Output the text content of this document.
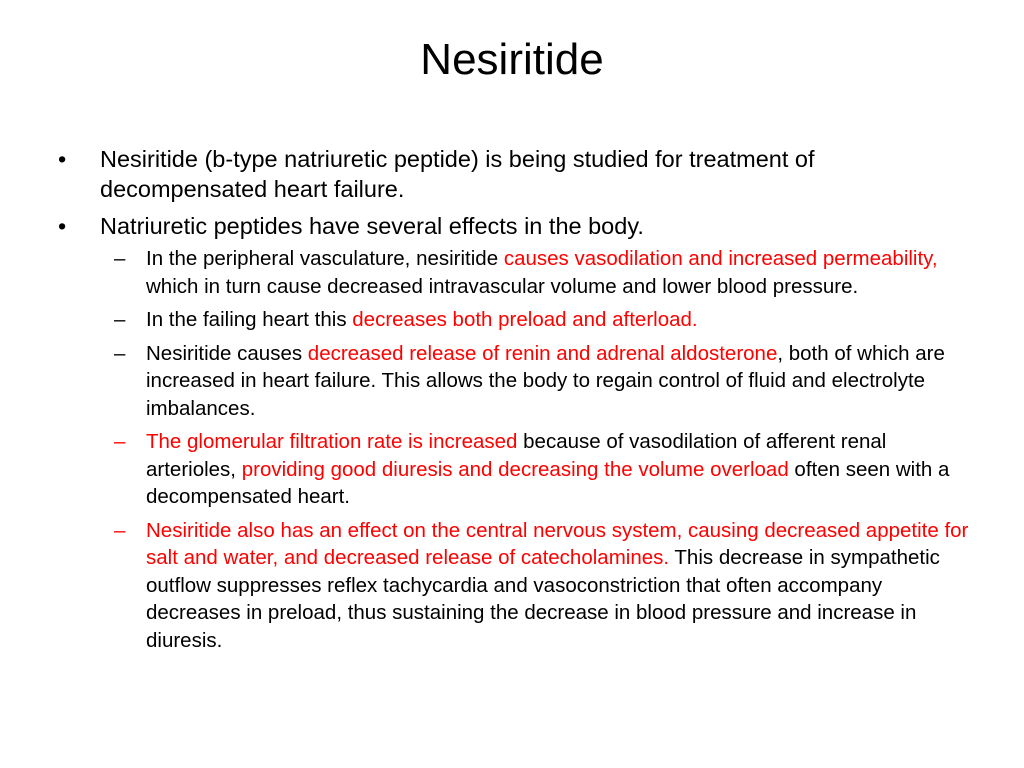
Nesiritide
• Nesiritide (b-type natriuretic peptide) is being studied for treatment of decompensated heart failure.
• Natriuretic peptides have several effects in the body.
– In the peripheral vasculature, nesiritide causes vasodilation and increased permeability, which in turn cause decreased intravascular volume and lower blood pressure.
– In the failing heart this decreases both preload and afterload.
– Nesiritide causes decreased release of renin and adrenal aldosterone, both of which are increased in heart failure. This allows the body to regain control of fluid and electrolyte imbalances.
– The glomerular filtration rate is increased because of vasodilation of afferent renal arterioles, providing good diuresis and decreasing the volume overload often seen with a decompensated heart.
– Nesiritide also has an effect on the central nervous system, causing decreased appetite for salt and water, and decreased release of catecholamines. This decrease in sympathetic outflow suppresses reflex tachycardia and vasoconstriction that often accompany decreases in preload, thus sustaining the decrease in blood pressure and increase in diuresis.
